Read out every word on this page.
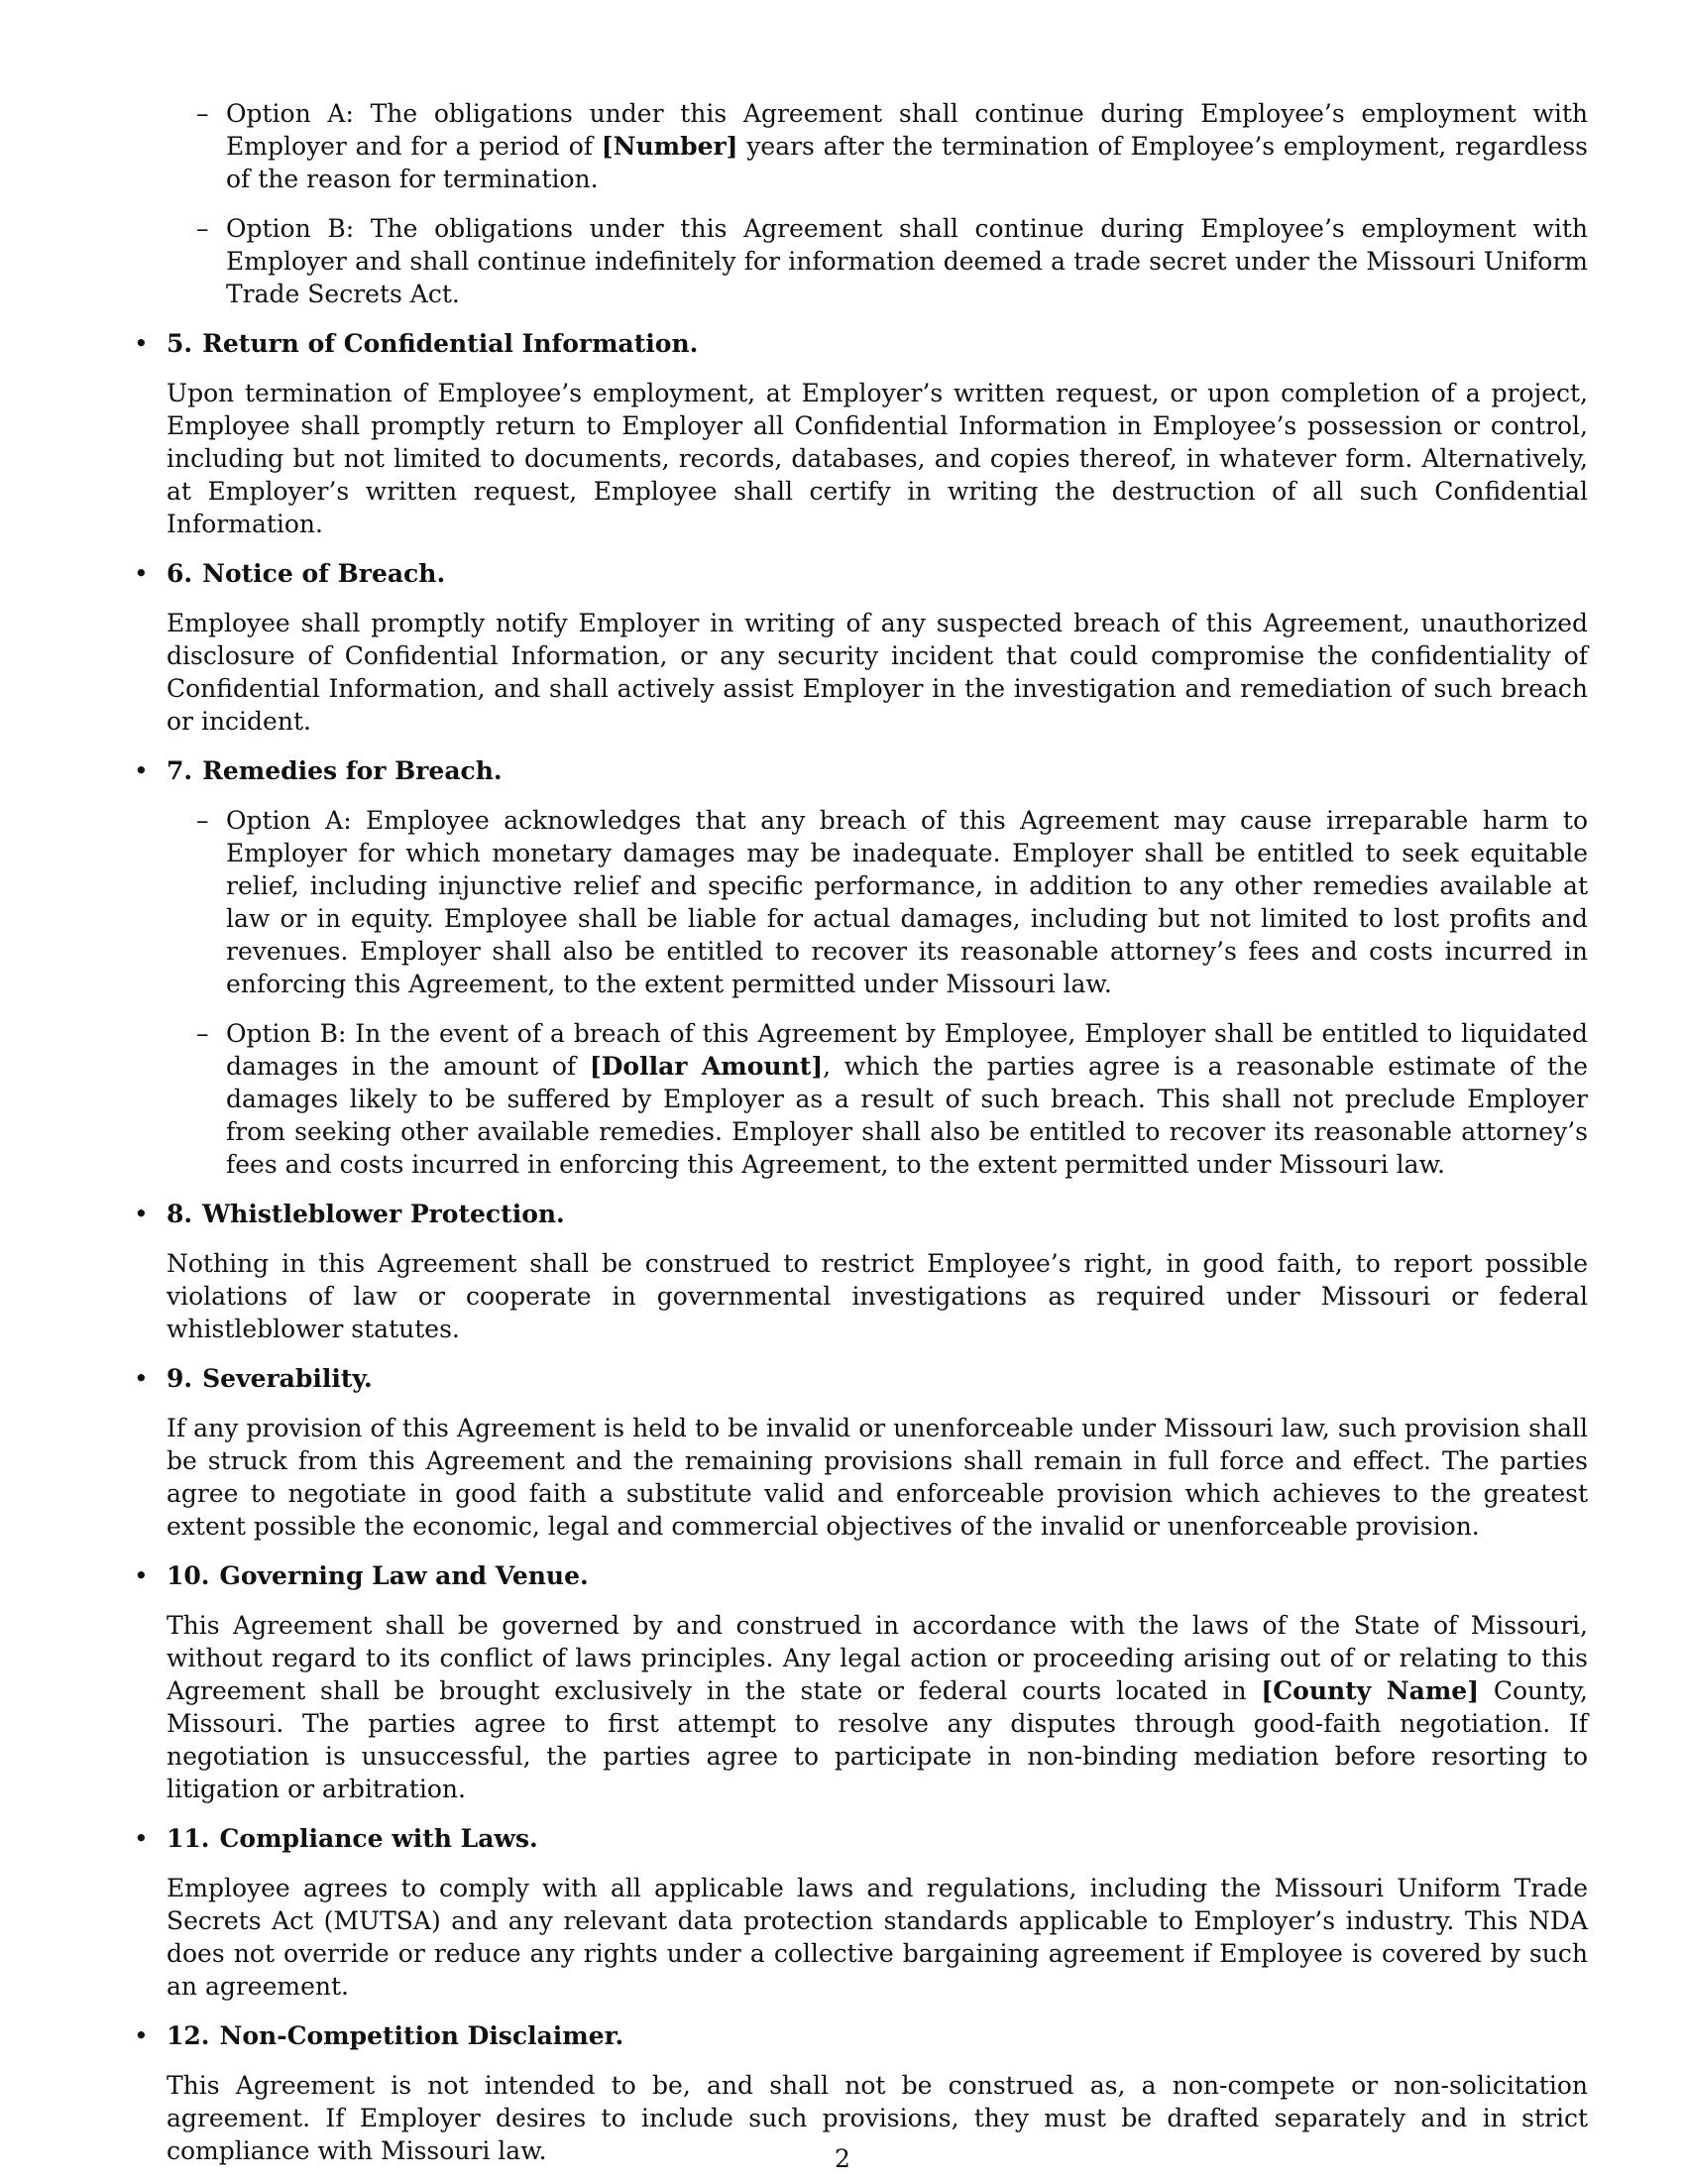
– Option A: The obligations under this Agreement shall continue during Employee’s employment with Employer and for a period of [Number] years after the termination of Employee’s employment, regardless of the reason for termination.
– Option B: The obligations under this Agreement shall continue during Employee’s employment with Employer and shall continue indefinitely for information deemed a trade secret under the Missouri Uniform Trade Secrets Act.
• 5. Return of Confidential Information.

Upon termination of Employee’s employment, at Employer’s written request, or upon completion of a project, Employee shall promptly return to Employer all Confidential Information in Employee’s possession or control, including but not limited to documents, records, databases, and copies thereof, in whatever form. Alternatively, at Employer’s written request, Employee shall certify in writing the destruction of all such Confidential Information.

• 6. Notice of Breach.

Employee shall promptly notify Employer in writing of any suspected breach of this Agreement, unauthorized disclosure of Confidential Information, or any security incident that could compromise the confidentiality of Confidential Information, and shall actively assist Employer in the investigation and remediation of such breach or incident.

• 7. Remedies for Breach.
– Option A: Employee acknowledges that any breach of this Agreement may cause irreparable harm to Employer for which monetary damages may be inadequate. Employer shall be entitled to seek equitable relief, including injunctive relief and specific performance, in addition to any other remedies available at law or in equity. Employee shall be liable for actual damages, including but not limited to lost profits and revenues. Employer shall also be entitled to recover its reasonable attorney’s fees and costs incurred in enforcing this Agreement, to the extent permitted under Missouri law.
– Option B: In the event of a breach of this Agreement by Employee, Employer shall be entitled to liquidated damages in the amount of [Dollar Amount], which the parties agree is a reasonable estimate of the damages likely to be suffered by Employer as a result of such breach. This shall not preclude Employer from seeking other available remedies. Employer shall also be entitled to recover its reasonable attorney’s fees and costs incurred in enforcing this Agreement, to the extent permitted under Missouri law.
• 8. Whistleblower Protection.

Nothing in this Agreement shall be construed to restrict Employee’s right, in good faith, to report possible violations of law or cooperate in governmental investigations as required under Missouri or federal whistleblower statutes.

• 9. Severability.

If any provision of this Agreement is held to be invalid or unenforceable under Missouri law, such provision shall be struck from this Agreement and the remaining provisions shall remain in full force and effect. The parties agree to negotiate in good faith a substitute valid and enforceable provision which achieves to the greatest extent possible the economic, legal and commercial objectives of the invalid or unenforceable provision.

• 10. Governing Law and Venue.

This Agreement shall be governed by and construed in accordance with the laws of the State of Missouri, without regard to its conflict of laws principles. Any legal action or proceeding arising out of or relating to this Agreement shall be brought exclusively in the state or federal courts located in [County Name] County, Missouri. The parties agree to first attempt to resolve any disputes through good-faith negotiation. If negotiation is unsuccessful, the parties agree to participate in non-binding mediation before resorting to litigation or arbitration.

• 11. Compliance with Laws.

Employee agrees to comply with all applicable laws and regulations, including the Missouri Uniform Trade Secrets Act (MUTSA) and any relevant data protection standards applicable to Employer’s industry. This NDA does not override or reduce any rights under a collective bargaining agreement if Employee is covered by such an agreement.

• 12. Non-Competition Disclaimer.

This Agreement is not intended to be, and shall not be construed as, a non-compete or non-solicitation agreement. If Employer desires to include such provisions, they must be drafted separately and in strict compliance with Missouri law.	2
